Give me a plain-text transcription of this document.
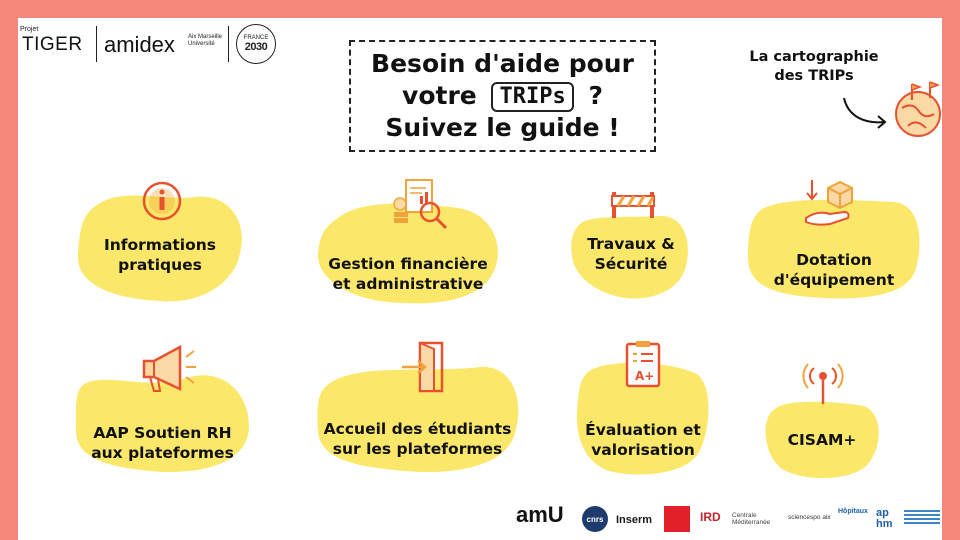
Projet
TIGER amidex Aix Marseille Université
FRANCE
2030
Besoin d'aide pour
votre TRIPs ?
Suivez le guide !
La cartographie
des TRIPs
Informations
pratiques	Gestion financière
et administrative
Travaux &
Sécurité	Dotation
d'équipement
AAP Soutien RH
aux plateformes
Accueil des étudiants
sur les plateformes
A+
Évaluation et
valorisation
CISAM+
amU	cnrs	Inserm	IRD Centrale Méditerranée
sciencespo aix
Hôpitaux ap hm
